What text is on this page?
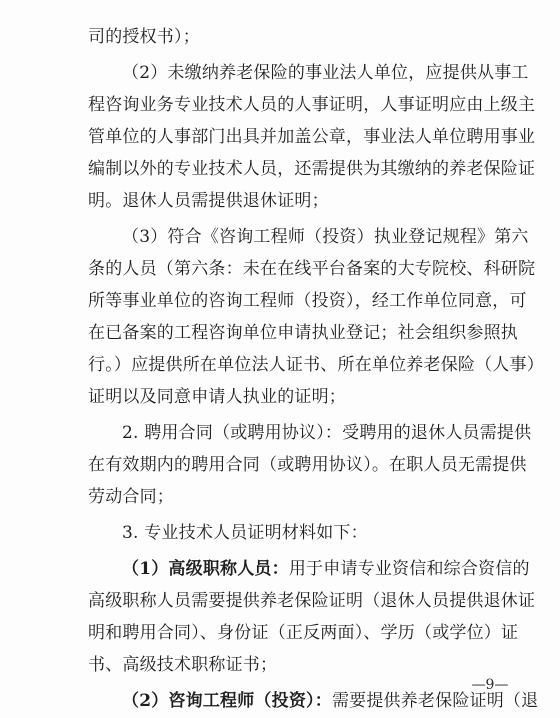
司的授权书）；
（2）未缴纳养老保险的事业法人单位，应提供从事工
程咨询业务专业技术人员的人事证明，人事证明应由上级主
管单位的人事部门出具并加盖公章，事业法人单位聘用事业
编制以外的专业技术人员，还需提供为其缴纳的养老保险证
明。退休人员需提供退休证明；
（3）符合《咨询工程师（投资）执业登记规程》第六
条的人员（第六条：未在在线平台备案的大专院校、科研院
所等事业单位的咨询工程师（投资），经工作单位同意，可
在已备案的工程咨询单位申请执业登记；社会组织参照执
行。）应提供所在单位法人证书、所在单位养老保险（人事）
证明以及同意申请人执业的证明；
2. 聘用合同（或聘用协议）：受聘用的退休人员需提供
在有效期内的聘用合同（或聘用协议）。在职人员无需提供
劳动合同；
3. 专业技术人员证明材料如下：
（1）高级职称人员：用于申请专业资信和综合资信的
高级职称人员需要提供养老保险证明（退休人员提供退休证
明和聘用合同）、身份证（正反两面）、学历（或学位）证
书、高级技术职称证书；
（2）咨询工程师（投资）：需要提供养老保险证明（退
—9—
